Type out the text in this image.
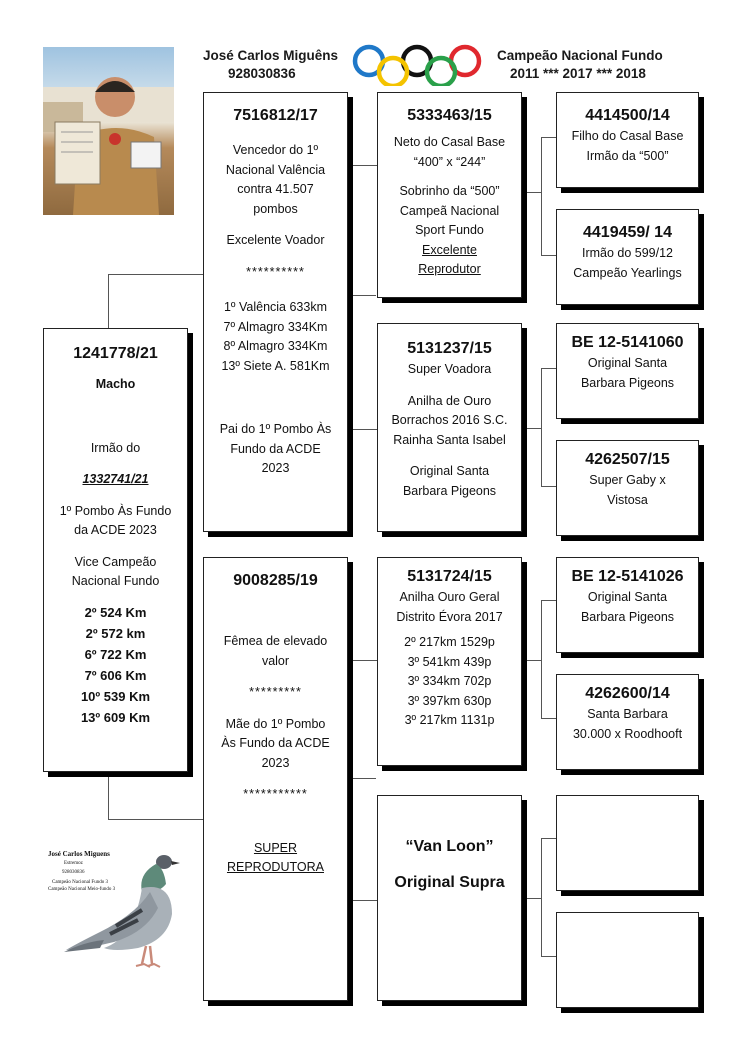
José Carlos Miguêns
928030836
Campeão Nacional Fundo
2011 *** 2017 *** 2018
1241778/21
Macho
Irmão do
1332741/21
1º Pombo Às Fundo
da ACDE 2023
Vice Campeão
Nacional Fundo
2º 524 Km
2º 572 km
6º 722 Km
7º 606 Km
10º 539 Km
13º 609 Km
7516812/17
Vencedor do 1º
Nacional Valência
contra 41.507
pombos
Excelente Voador
**********
1º Valência 633km
7º Almagro 334Km
8º Almagro 334Km
13º Siete A. 581Km
Pai do 1º Pombo Às
Fundo da ACDE
2023
9008285/19
Fêmea de elevado
valor
*********
Mãe do 1º Pombo
Às Fundo da ACDE
2023
***********
SUPER
REPRODUTORA
5333463/15
Neto do Casal Base
“400” x “244”
Sobrinho da “500”
Campeã Nacional
Sport Fundo
Excelente
Reprodutor
5131237/15
Super Voadora
Anilha de Ouro
Borrachos 2016 S.C.
Rainha Santa Isabel
Original Santa
Barbara Pigeons
5131724/15
Anilha Ouro Geral
Distrito Évora 2017
2º 217km 1529p
3º 541km 439p
3º 334km 702p
3º 397km 630p
3º 217km 1131p
“Van Loon”
Original Supra
4414500/14
Filho do Casal Base
Irmão da “500”
4419459/ 14
Irmão do 599/12
Campeão Yearlings
BE 12-5141060
Original Santa
Barbara Pigeons
4262507/15
Super Gaby x
Vistosa
BE 12-5141026
Original Santa
Barbara Pigeons
4262600/14
Santa Barbara
30.000 x Roodhooft
José Carlos Miguens
Estremoz
928030836
Campeão Nacional Fundo 3
Campeão Nacional Meio-fundo 3
